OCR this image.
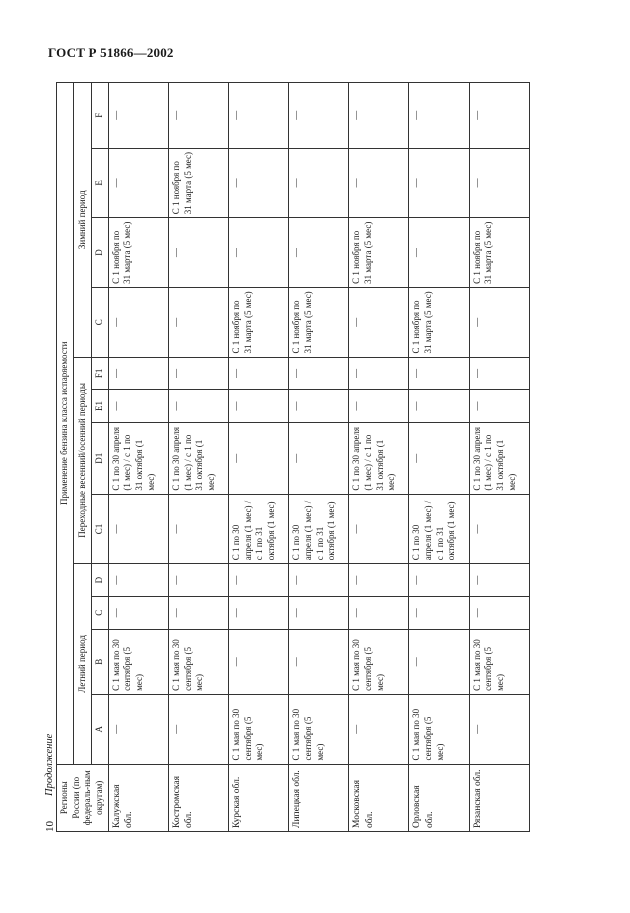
ГОСТ Р 51866—2002
Продолжение
10
Регионы России (по федераль-ным округам)	Применение бензина класса испаряемости											
	Летний период				Переходные весенний/осенний периоды				Зимний период			
	A	B	C	D	C1	D1	E1	F1	C	D	E	F
Калужская обл.	—	С 1 мая по 30 сентября (5 мес)	—	—	—	С 1 по 30 апреля (1 мес) / с 1 по 31 октября (1 мес)	—	—	—	С 1 ноября по 31 марта (5 мес)	—	—
Костромская обл.	—	С 1 мая по 30 сентября (5 мес)	—	—	—	С 1 по 30 апреля (1 мес) / с 1 по 31 октября (1 мес)	—	—	—	—	С 1 ноября по 31 марта (5 мес)	—
Курская обл.	С 1 мая по 30 сентября (5 мес)	—	—	—	С 1 по 30 апреля (1 мес) / с 1 по 31 октября (1 мес)	—	—	—	С 1 ноября по 31 марта (5 мес)	—	—	—
Липецкая обл.	С 1 мая по 30 сентября (5 мес)	—	—	—	С 1 по 30 апреля (1 мес) / с 1 по 31 октября (1 мес)	—	—	—	С 1 ноября по 31 марта (5 мес)	—	—	—
Московская обл.	—	С 1 мая по 30 сентября (5 мес)	—	—	—	С 1 по 30 апреля (1 мес) / с 1 по 31 октября (1 мес)	—	—	—	С 1 ноября по 31 марта (5 мес)	—	—
Орловская обл.	С 1 мая по 30 сентября (5 мес)	—	—	—	С 1 по 30 апреля (1 мес) / с 1 по 31 октября (1 мес)	—	—	—	С 1 ноября по 31 марта (5 мес)	—	—	—
Рязанская обл.	—	С 1 мая по 30 сентября (5 мес)	—	—	—	С 1 по 30 апреля (1 мес) / с 1 по 31 октября (1 мес)	—	—	—	С 1 ноября по 31 марта (5 мес)	—	—
